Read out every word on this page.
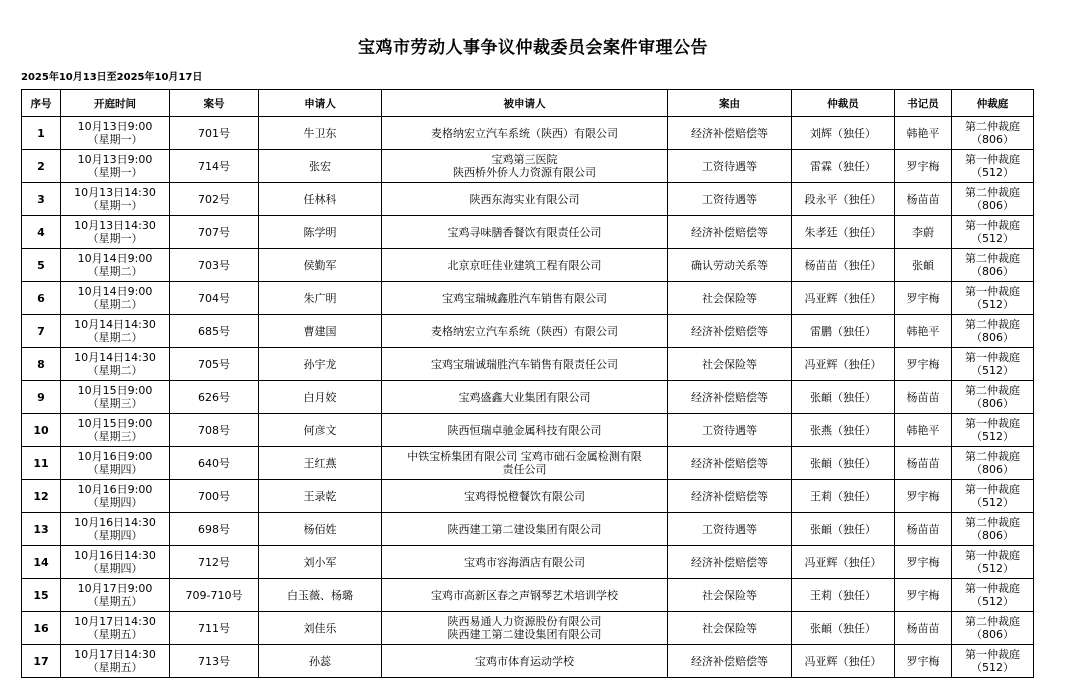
宝鸡市劳动人事争议仲裁委员会案件审理公告
2025年10月13日至2025年10月17日
序号	开庭时间	案号	申请人	被申请人	案由	仲裁员	书记员	仲裁庭
1	10月13日9:00
（星期一）	701号	牛卫东	麦格纳宏立汽车系统（陕西）有限公司	经济补偿赔偿等	刘辉（独任）	韩艳平	第二仲裁庭
（806）

2	10月13日9:00
（星期一）	714号	张宏	宝鸡第三医院
陕西桥外侨人力资源有限公司	工资待遇等	雷霖（独任）	罗宇梅	第一仲裁庭
（512）

3	10月13日14:30
（星期一）	702号	任林科	陕西东海实业有限公司	工资待遇等	段永平（独任）	杨苗苗	第二仲裁庭
（806）

4	10月13日14:30
（星期一）	707号	陈学明	宝鸡寻味膳香餐饮有限责任公司	经济补偿赔偿等	朱孝廷（独任）	李蔚	第一仲裁庭
（512）

5	10月14日9:00
（星期二）	703号	侯勤军	北京京旺佳业建筑工程有限公司	确认劳动关系等	杨苗苗（独任）	张頔	第二仲裁庭
（806）

6	10月14日9:00
（星期二）	704号	朱广明	宝鸡宝瑞城鑫胜汽车销售有限公司	社会保险等	冯亚辉（独任）	罗宇梅	第一仲裁庭
（512）

7	10月14日14:30
（星期二）	685号	曹建国	麦格纳宏立汽车系统（陕西）有限公司	经济补偿赔偿等	雷鹏（独任）	韩艳平	第二仲裁庭
（806）

8	10月14日14:30
（星期二）	705号	孙宇龙	宝鸡宝瑞诚瑞胜汽车销售有限责任公司	社会保险等	冯亚辉（独任）	罗宇梅	第一仲裁庭
（512）

9	10月15日9:00
（星期三）	626号	白月姣	宝鸡盛鑫大业集团有限公司	经济补偿赔偿等	张頔（独任）	杨苗苗	第二仲裁庭
（806）

10	10月15日9:00
（星期三）	708号	何彦文	陕西恒瑞卓驰金属科技有限公司	工资待遇等	张燕（独任）	韩艳平	第一仲裁庭
（512）

11	10月16日9:00
（星期四）	640号	王红燕	中铁宝桥集团有限公司 宝鸡市础石金属检测有限
责任公司	经济补偿赔偿等	张頔（独任）	杨苗苗	第二仲裁庭
（806）

12	10月16日9:00
（星期四）	700号	王录乾	宝鸡得悦橙餐饮有限公司	经济补偿赔偿等	王莉（独任）	罗宇梅	第一仲裁庭
（512）

13	10月16日14:30
（星期四）	698号	杨佰姓	陕西建工第二建设集团有限公司	工资待遇等	张頔（独任）	杨苗苗	第二仲裁庭
（806）

14	10月16日14:30
（星期四）	712号	刘小军	宝鸡市容海酒店有限公司	经济补偿赔偿等	冯亚辉（独任）	罗宇梅	第一仲裁庭
（512）

15	10月17日9:00
（星期五）	709-710号	白玉薇、杨璐	宝鸡市高新区春之声钢琴艺术培训学校	社会保险等	王莉（独任）	罗宇梅	第一仲裁庭
（512）

16	10月17日14:30
（星期五）	711号	刘佳乐	陕西易通人力资源股份有限公司
陕西建工第二建设集团有限公司	社会保险等	张頔（独任）	杨苗苗	第二仲裁庭
（806）

17	10月17日14:30
（星期五）	713号	孙蕊	宝鸡市体育运动学校	经济补偿赔偿等	冯亚辉（独任）	罗宇梅	第一仲裁庭
（512）
